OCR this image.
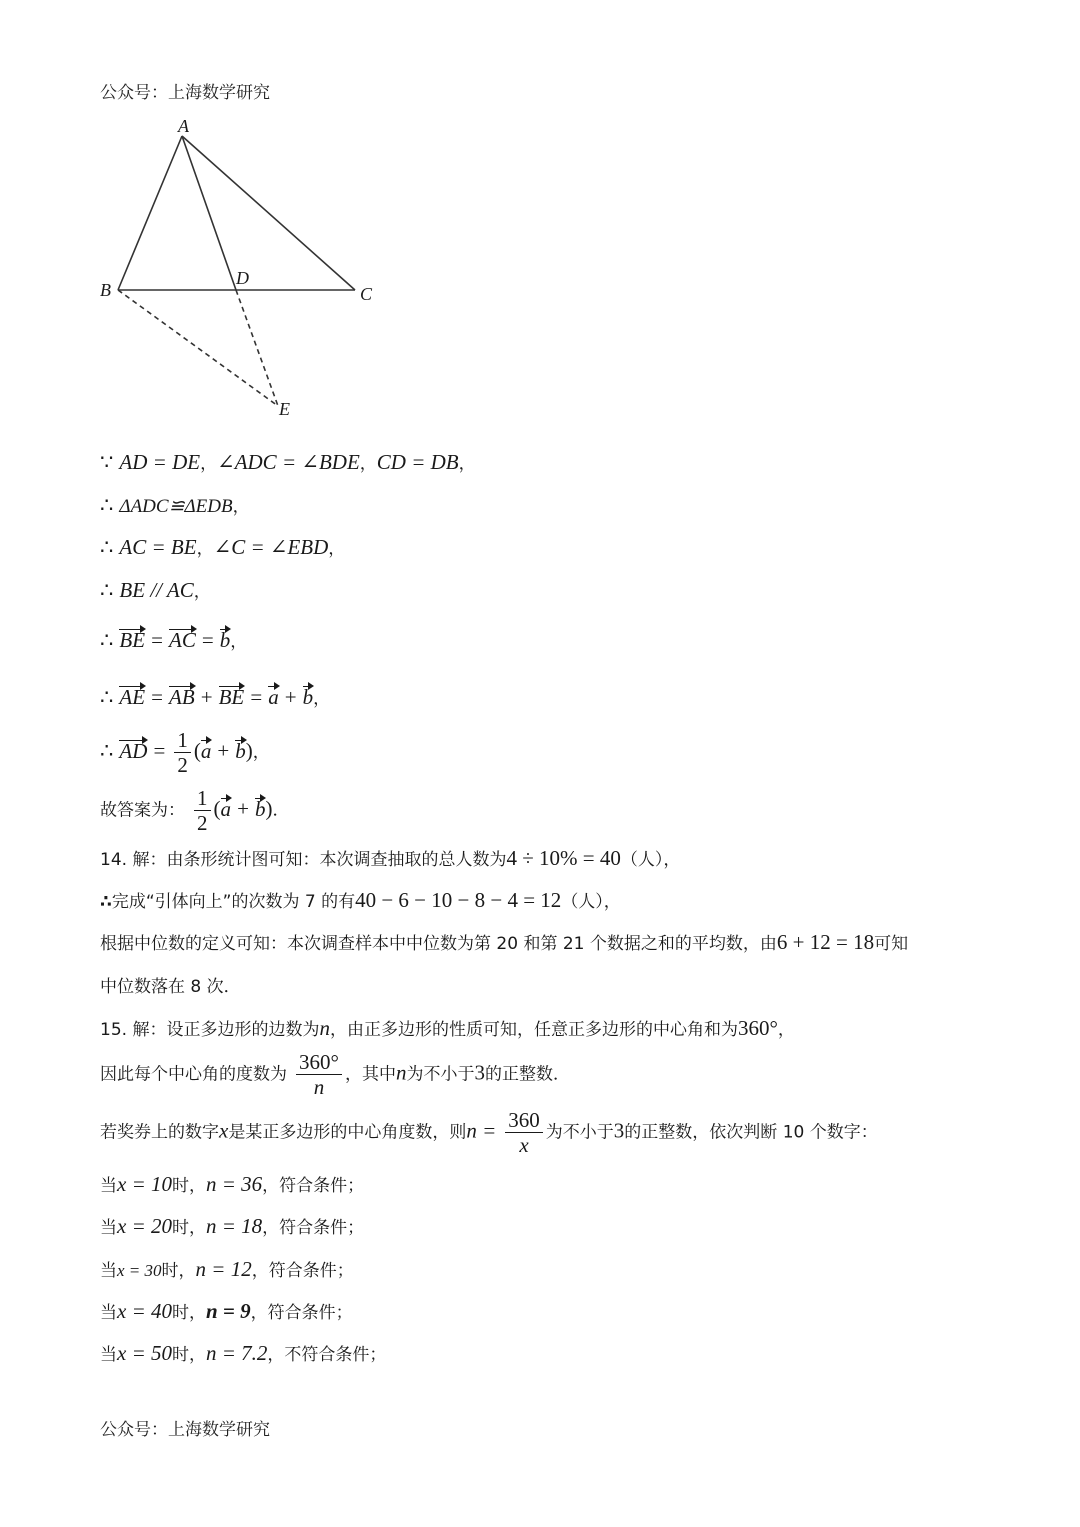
公众号：上海数学研究
A
B	C
D
E
∵ AD = DE，∠ADC = ∠BDE，CD = DB，
∴ ΔADC≌ΔEDB，
∴ AC = BE，∠C = ∠EBD，
∴ BE // AC，
∴ BE = AC = b，
∴ AE = AB + BE = a + b，
∴ AD = $\frac{1}{2} (a + b)$，
故答案为： $\frac{1}{2} (a + b)$．
14. 解：由条形统计图可知：本次调查抽取的总人数为4 ÷ 10% = 40（人），
∴完成“引体向上”的次数为 7 的有40 − 6 − 10 − 8 − 4 = 12（人），
根据中位数的定义可知：本次调查样本中中位数为第 20 和第 21 个数据之和的平均数，由6 + 12 = 18可知
中位数落在 8 次．
15. 解：设正多边形的边数为n，由正多边形的性质可知，任意正多边形的中心角和为360°，
因此每个中心角的度数为 $\frac{360^\circ}{n}$ ，其中n为不小于3的正整数．
若奖券上的数字x是某正多边形的中心角度数，则$n = \frac{360}{x}$ 为不小于3的正整数，依次判断 10 个数字：
当x = 10时，n = 36，符合条件；
当x = 20时，n = 18，符合条件；
当x = 30时，n = 12，符合条件；
当x = 40时，n = 9，符合条件；
当x = 50时，n = 7.2，不符合条件；
公众号：上海数学研究
